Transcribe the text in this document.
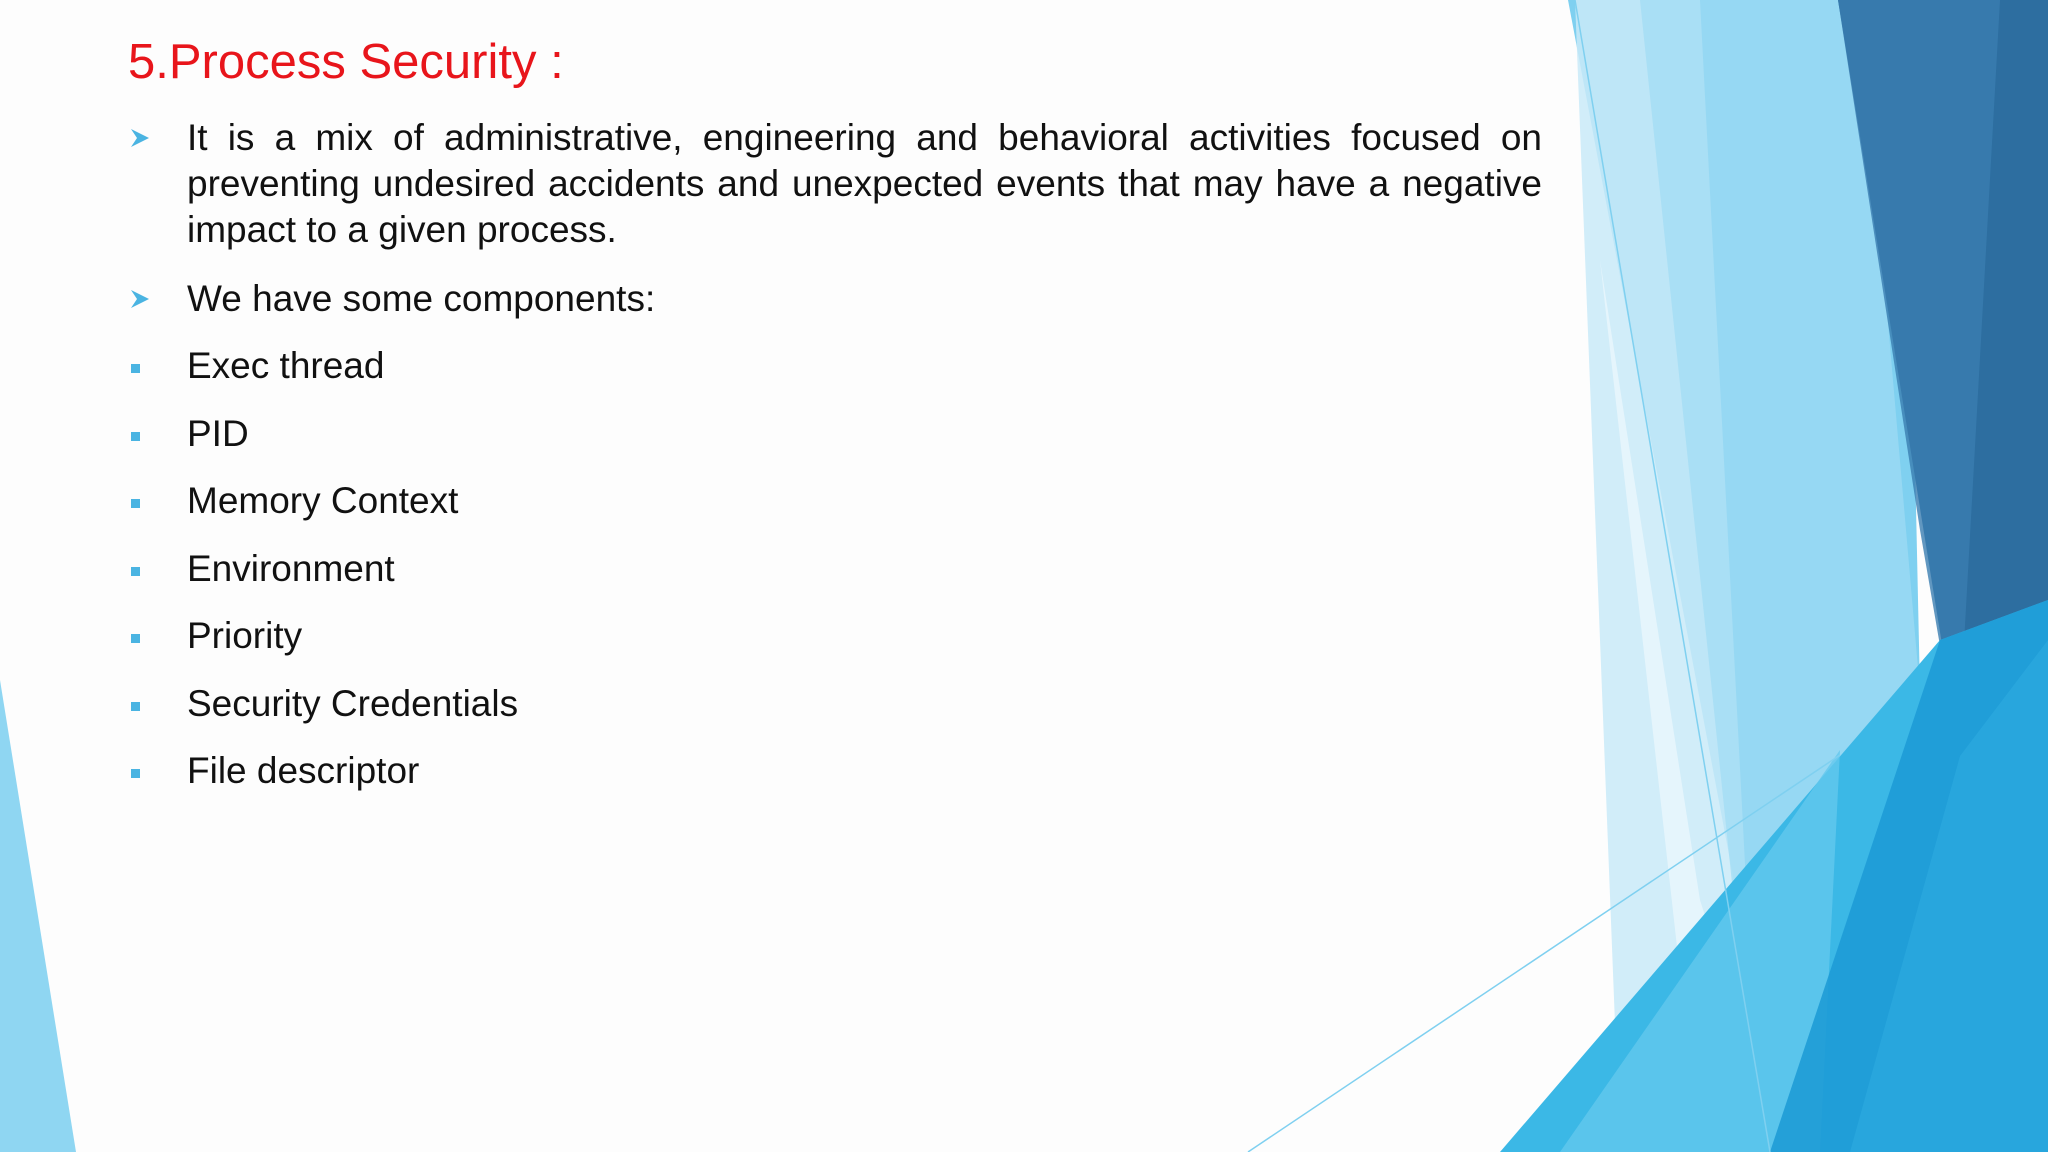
5.Process Security :
It is a mix of administrative, engineering and behavioral activities focused on preventing undesired accidents and unexpected events that may have a negative impact to a given process.
We have some components:
Exec thread
PID
Memory Context
Environment
Priority
Security Credentials
File descriptor
